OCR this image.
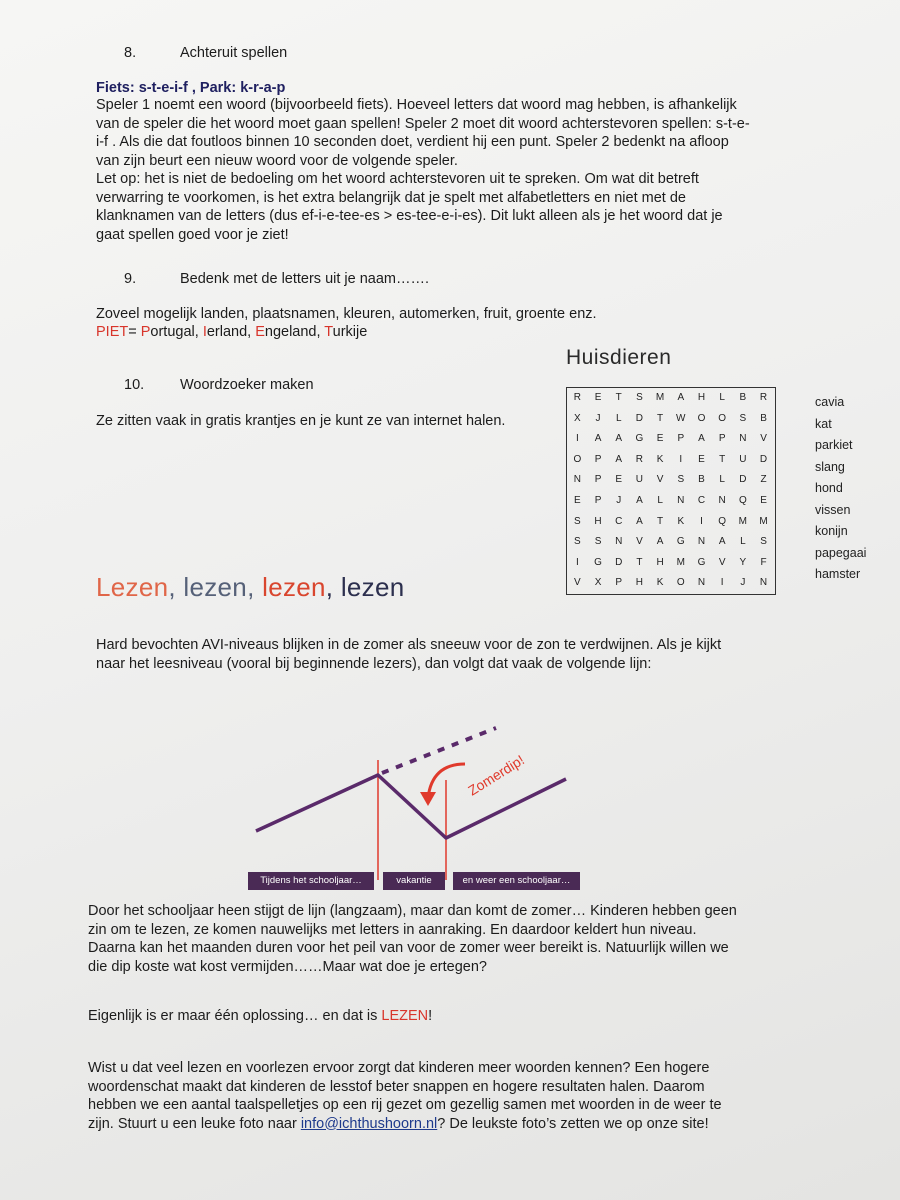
8.	Achteruit spellen
Fiets: s-t-e-i-f , Park: k-r-a-p
Speler 1 noemt een woord (bijvoorbeeld fiets). Hoeveel letters dat woord mag hebben, is afhankelijk
van de speler die het woord moet gaan spellen! Speler 2 moet dit woord achterstevoren spellen: s-t-e-
i-f . Als die dat foutloos binnen 10 seconden doet, verdient hij een punt. Speler 2 bedenkt na afloop
van zijn beurt een nieuw woord voor de volgende speler.
Let op: het is niet de bedoeling om het woord achterstevoren uit te spreken. Om wat dit betreft
verwarring te voorkomen, is het extra belangrijk dat je spelt met alfabetletters en niet met de
klanknamen van de letters (dus ef-i-e-tee-es > es-tee-e-i-es). Dit lukt alleen als je het woord dat je
gaat spellen goed voor je ziet!
9.	Bedenk met de letters uit je naam…….
Zoveel mogelijk landen, plaatsnamen, kleuren, automerken, fruit, groente enz.
PIET= Portugal, Ierland, Engeland, Turkije
10. Woordzoeker maken
Ze zitten vaak in gratis krantjes en je kunt ze van internet halen.
Huisdieren
R	E	T	S	M	A	H	L	B	R
X	J	L	D	T	W	O	O	S	B
I	A	A	G	E	P	A	P	N	V
O	P	A	R	K	I	E	T	U	D
N	P	E	U	V	S	B	L	D	Z
E	P	J	A	L	N	C	N	Q	E
S	H	C	A	T	K	I	Q	M	M
S	S	N	V	A	G	N	A	L	S
I	G	D	T	H	M	G	V	Y	F
V	X	P	H	K	O	N	I	J	N
cavia
kat
parkiet
slang
hond
vissen
konijn
papegaai
hamster
Lezen, lezen, lezen, lezen
Hard bevochten AVI-niveaus blijken in de zomer als sneeuw voor de zon te verdwijnen. Als je kijkt
naar het leesniveau (vooral bij beginnende lezers), dan volgt dat vaak de volgende lijn:
Zomerdip!
Tijdens het schooljaar…	vakantie	en weer een schooljaar…
Door het schooljaar heen stijgt de lijn (langzaam), maar dan komt de zomer… Kinderen hebben geen
zin om te lezen, ze komen nauwelijks met letters in aanraking. En daardoor keldert hun niveau.
Daarna kan het maanden duren voor het peil van voor de zomer weer bereikt is. Natuurlijk willen we
die dip koste wat kost vermijden……Maar wat doe je ertegen?
Eigenlijk is er maar één oplossing… en dat is LEZEN!
Wist u dat veel lezen en voorlezen ervoor zorgt dat kinderen meer woorden kennen? Een hogere
woordenschat maakt dat kinderen de lesstof beter snappen en hogere resultaten halen. Daarom
hebben we een aantal taalspelletjes op een rij gezet om gezellig samen met woorden in de weer te
zijn. Stuurt u een leuke foto naar info@ichthushoorn.nl? De leukste foto’s zetten we op onze site!
